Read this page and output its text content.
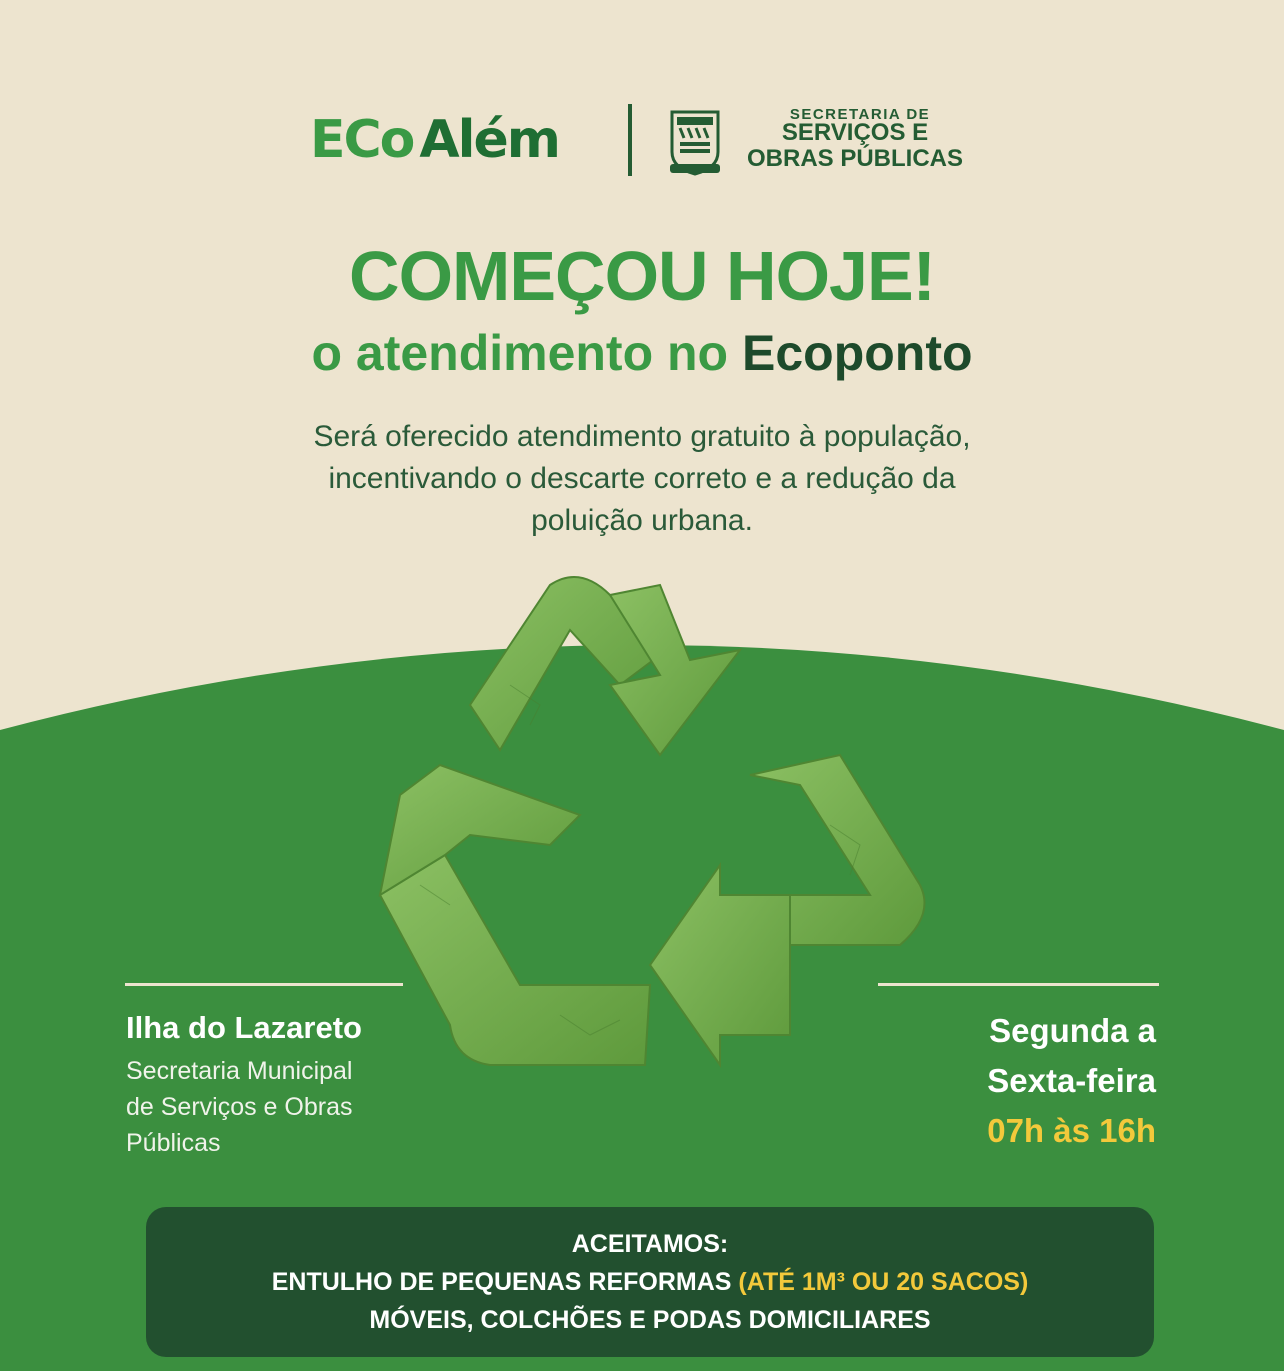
ECo Além	SECRETARIA DE
SERVIÇOS E
OBRAS PÚBLICAS
COMEÇOU HOJE!
o atendimento no Ecoponto
Será oferecido atendimento gratuito à população,
incentivando o descarte correto e a redução da
poluição urbana.
Ilha do Lazareto
Secretaria Municipal
de Serviços e Obras
Públicas
Segunda a
Sexta-feira
07h às 16h
ACEITAMOS:
ENTULHO DE PEQUENAS REFORMAS (ATÉ 1M³ OU 20 SACOS)
MÓVEIS, COLCHÕES E PODAS DOMICILIARES
